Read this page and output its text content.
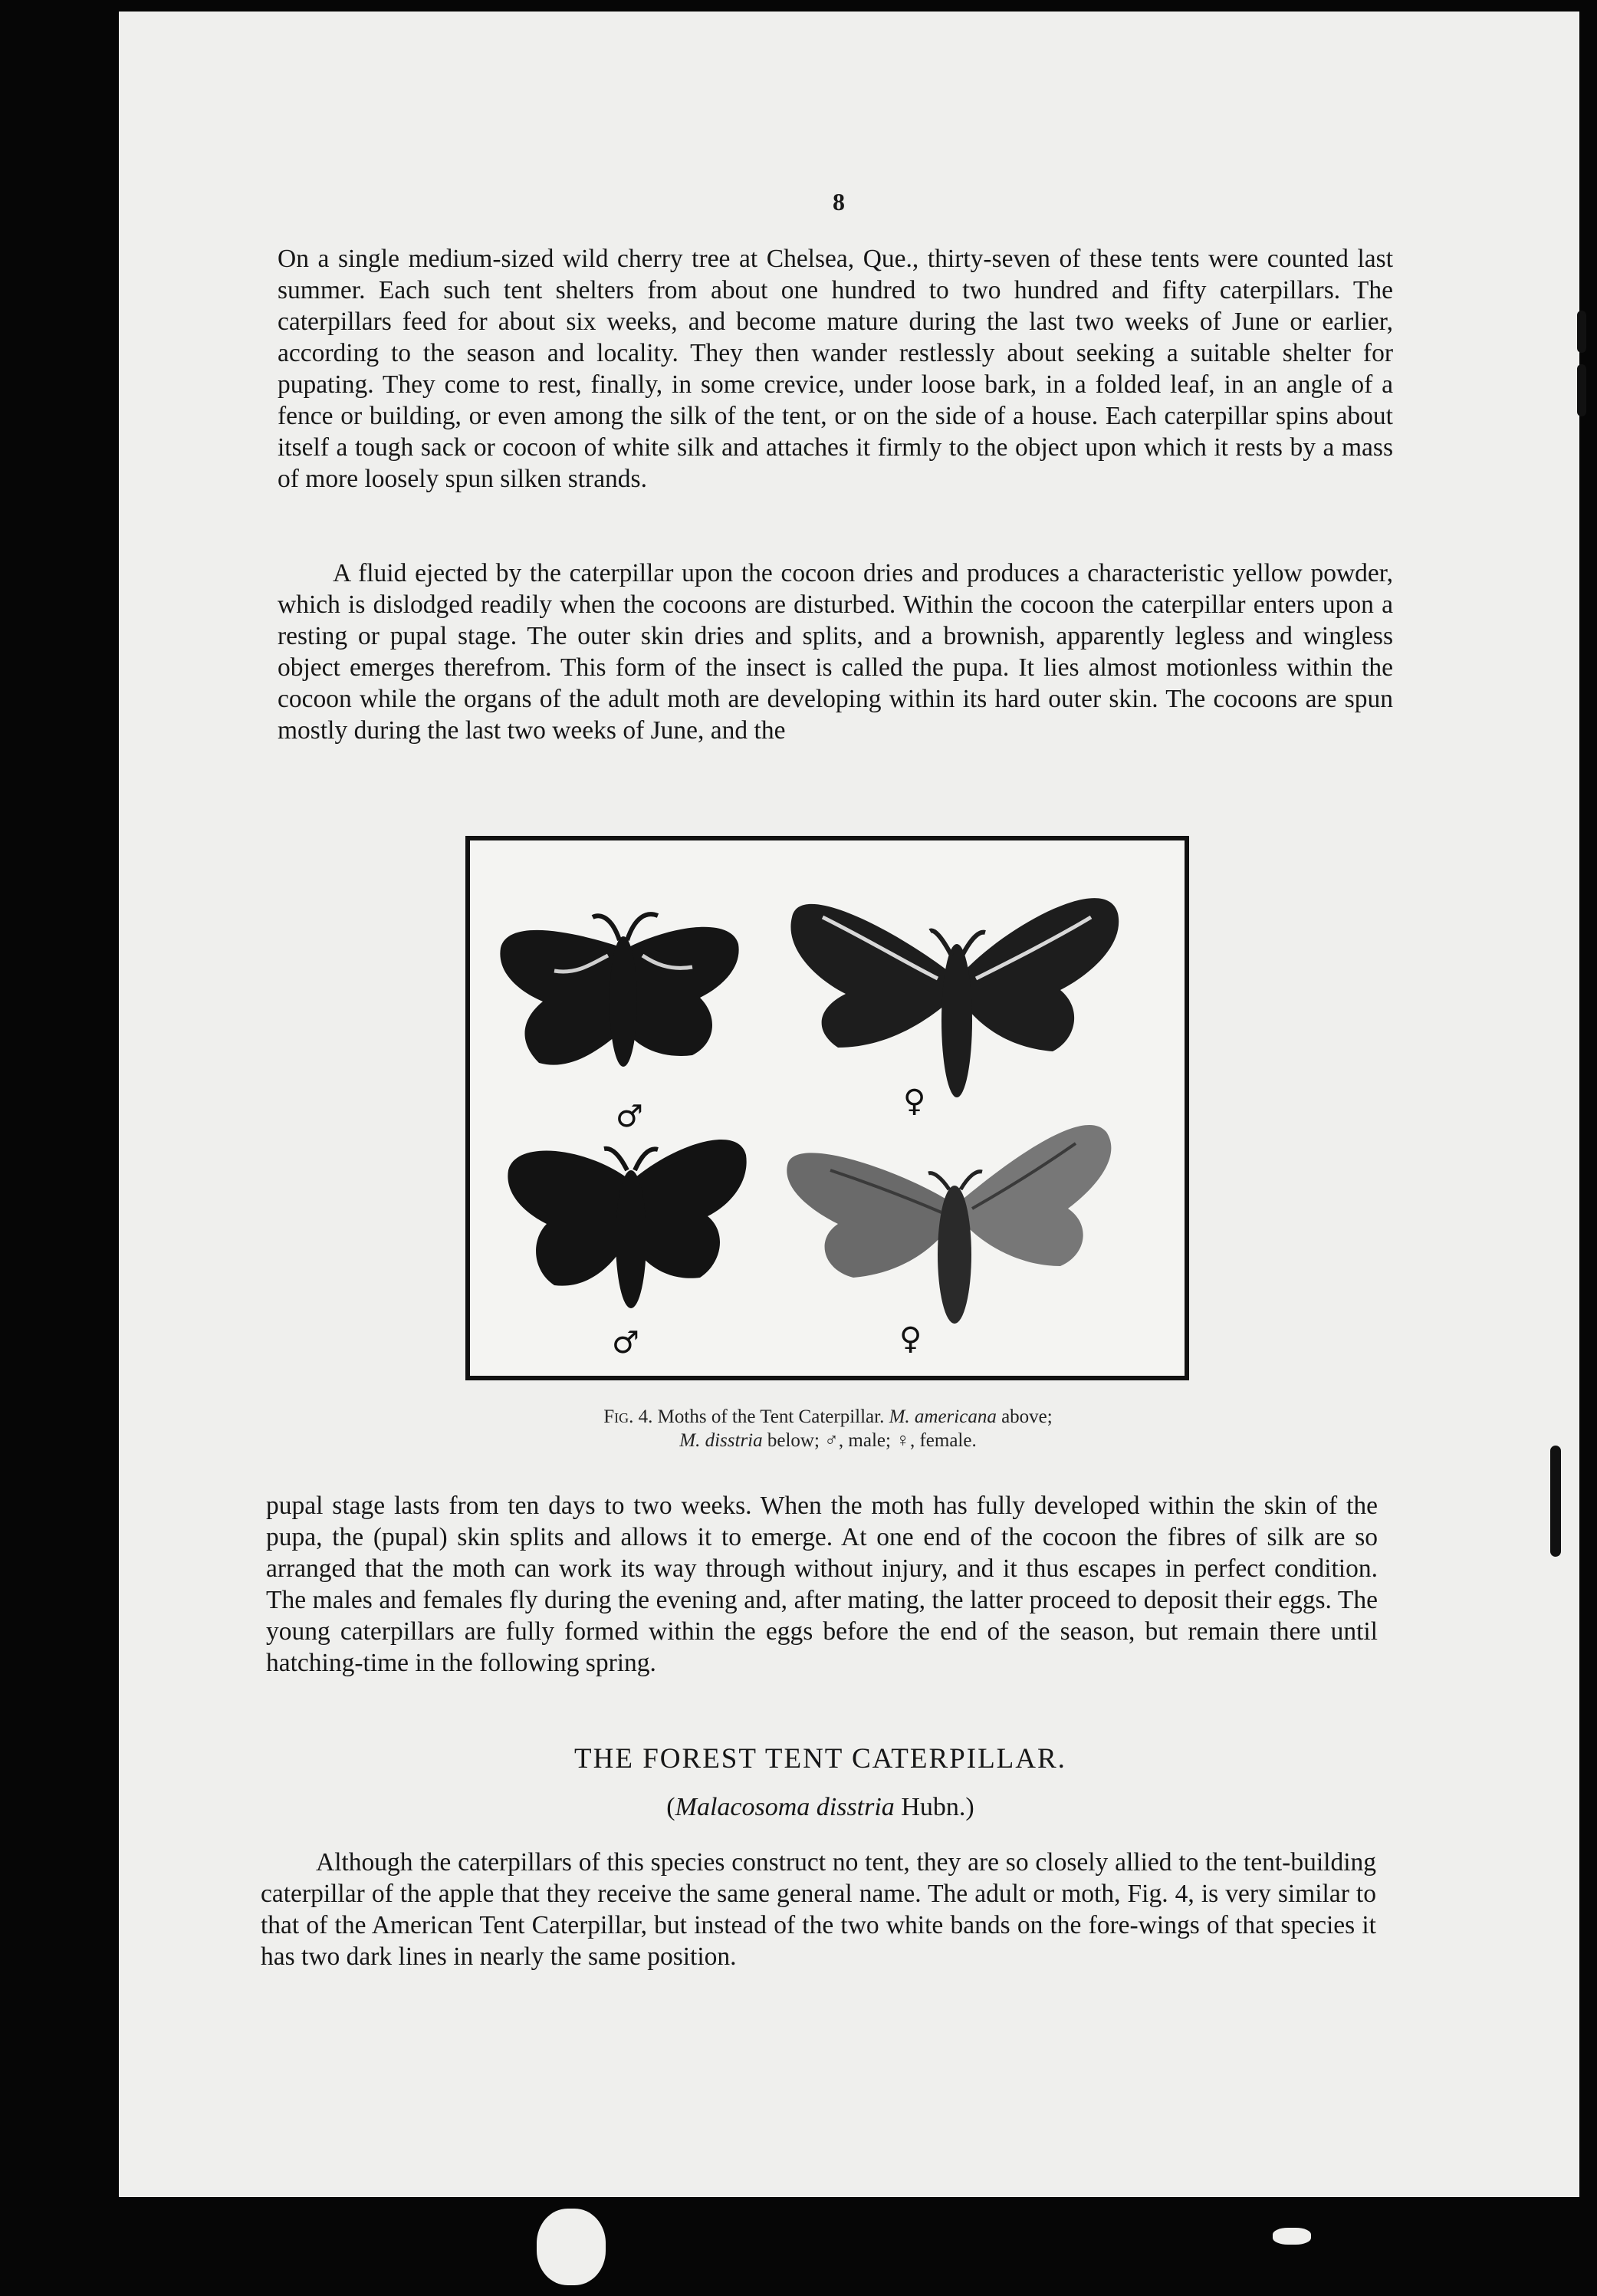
8

On a single medium-sized wild cherry tree at Chelsea, Que., thirty-seven of these tents were counted last summer. Each such tent shelters from about one hundred to two hundred and fifty caterpillars. The caterpillars feed for about six weeks, and become mature during the last two weeks of June or earlier, according to the season and locality. They then wander restlessly about seeking a suitable shelter for pupating. They come to rest, finally, in some crevice, under loose bark, in a folded leaf, in an angle of a fence or building, or even among the silk of the tent, or on the side of a house. Each caterpillar spins about itself a tough sack or cocoon of white silk and attaches it firmly to the object upon which it rests by a mass of more loosely spun silken strands.

A fluid ejected by the caterpillar upon the cocoon dries and produces a characteristic yellow powder, which is dislodged readily when the cocoons are disturbed. Within the cocoon the caterpillar enters upon a resting or pupal stage. The outer skin dries and splits, and a brownish, apparently legless and wingless object emerges therefrom. This form of the insect is called the pupa. It lies almost motionless within the cocoon while the organs of the adult moth are developing within its hard outer skin. The cocoons are spun mostly during the last two weeks of June, and the

♂	♀
♂	♀
Fig. 4. Moths of the Tent Caterpillar. M. americana above;
M. disstria below; ♂, male; ♀, female.

pupal stage lasts from ten days to two weeks. When the moth has fully developed within the skin of the pupa, the (pupal) skin splits and allows it to emerge. At one end of the cocoon the fibres of silk are so arranged that the moth can work its way through without injury, and it thus escapes in perfect condition. The males and females fly during the evening and, after mating, the latter proceed to deposit their eggs. The young caterpillars are fully formed within the eggs before the end of the season, but remain there until hatching-time in the following spring.

THE FOREST TENT CATERPILLAR.
(Malacosoma disstria Hubn.)

Although the caterpillars of this species construct no tent, they are so closely allied to the tent-building caterpillar of the apple that they receive the same general name. The adult or moth, Fig. 4, is very similar to that of the American Tent Caterpillar, but instead of the two white bands on the fore-wings of that species it has two dark lines in nearly the same position.
